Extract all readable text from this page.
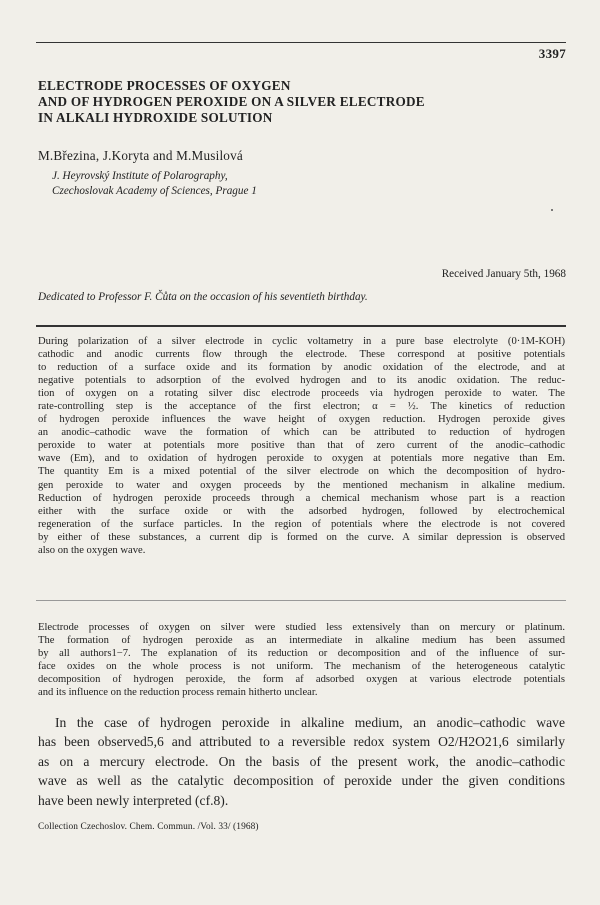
3397
ELECTRODE PROCESSES OF OXYGEN
AND OF HYDROGEN PEROXIDE ON A SILVER ELECTRODE
IN ALKALI HYDROXIDE SOLUTION
M.Březina, J.Koryta and M.Musilová
J. Heyrovský Institute of Polarography,
Czechoslovak Academy of Sciences, Prague 1
Received January 5th, 1968
Dedicated to Professor F. Čůta on the occasion of his seventieth birthday.
During polarization of a silver electrode in cyclic voltametry in a pure base electrolyte (0·1M-KOH)
cathodic and anodic currents flow through the electrode. These correspond at positive potentials
to reduction of a surface oxide and its formation by anodic oxidation of the electrode, and at
negative potentials to adsorption of the evolved hydrogen and to its anodic oxidation. The reduc-
tion of oxygen on a rotating silver disc electrode proceeds via hydrogen peroxide to water. The
rate-controlling step is the acceptance of the first electron; α = ½. The kinetics of reduction
of hydrogen peroxide influences the wave height of oxygen reduction. Hydrogen peroxide gives
an anodic–cathodic wave the formation of which can be attributed to reduction of hydrogen
peroxide to water at potentials more positive than that of zero current of the anodic–cathodic
wave (Em), and to oxidation of hydrogen peroxide to oxygen at potentials more negative than Em.
The quantity Em is a mixed potential of the silver electrode on which the decomposition of hydro-
gen peroxide to water and oxygen proceeds by the mentioned mechanism in alkaline medium.
Reduction of hydrogen peroxide proceeds through a chemical mechanism whose part is a reaction
either with the surface oxide or with the adsorbed hydrogen, followed by electrochemical
regeneration of the surface particles. In the region of potentials where the electrode is not covered
by either of these substances, a current dip is formed on the curve. A similar depression is observed
also on the oxygen wave.
Electrode processes of oxygen on silver were studied less extensively than on mercury or platinum.
The formation of hydrogen peroxide as an intermediate in alkaline medium has been assumed
by all authors1−7. The explanation of its reduction or decomposition and of the influence of sur-
face oxides on the whole process is not uniform. The mechanism of the heterogeneous catalytic
decomposition of hydrogen peroxide, the form af adsorbed oxygen at various electrode potentials
and its influence on the reduction process remain hitherto unclear.
In the case of hydrogen peroxide in alkaline medium, an anodic–cathodic wave
has been observed5,6 and attributed to a reversible redox system O2/H2O21,6 similarly
as on a mercury electrode. On the basis of the present work, the anodic–cathodic
wave as well as the catalytic decomposition of peroxide under the given conditions
have been newly interpreted (cf.8).
Collection Czechoslov. Chem. Commun. /Vol. 33/ (1968)
